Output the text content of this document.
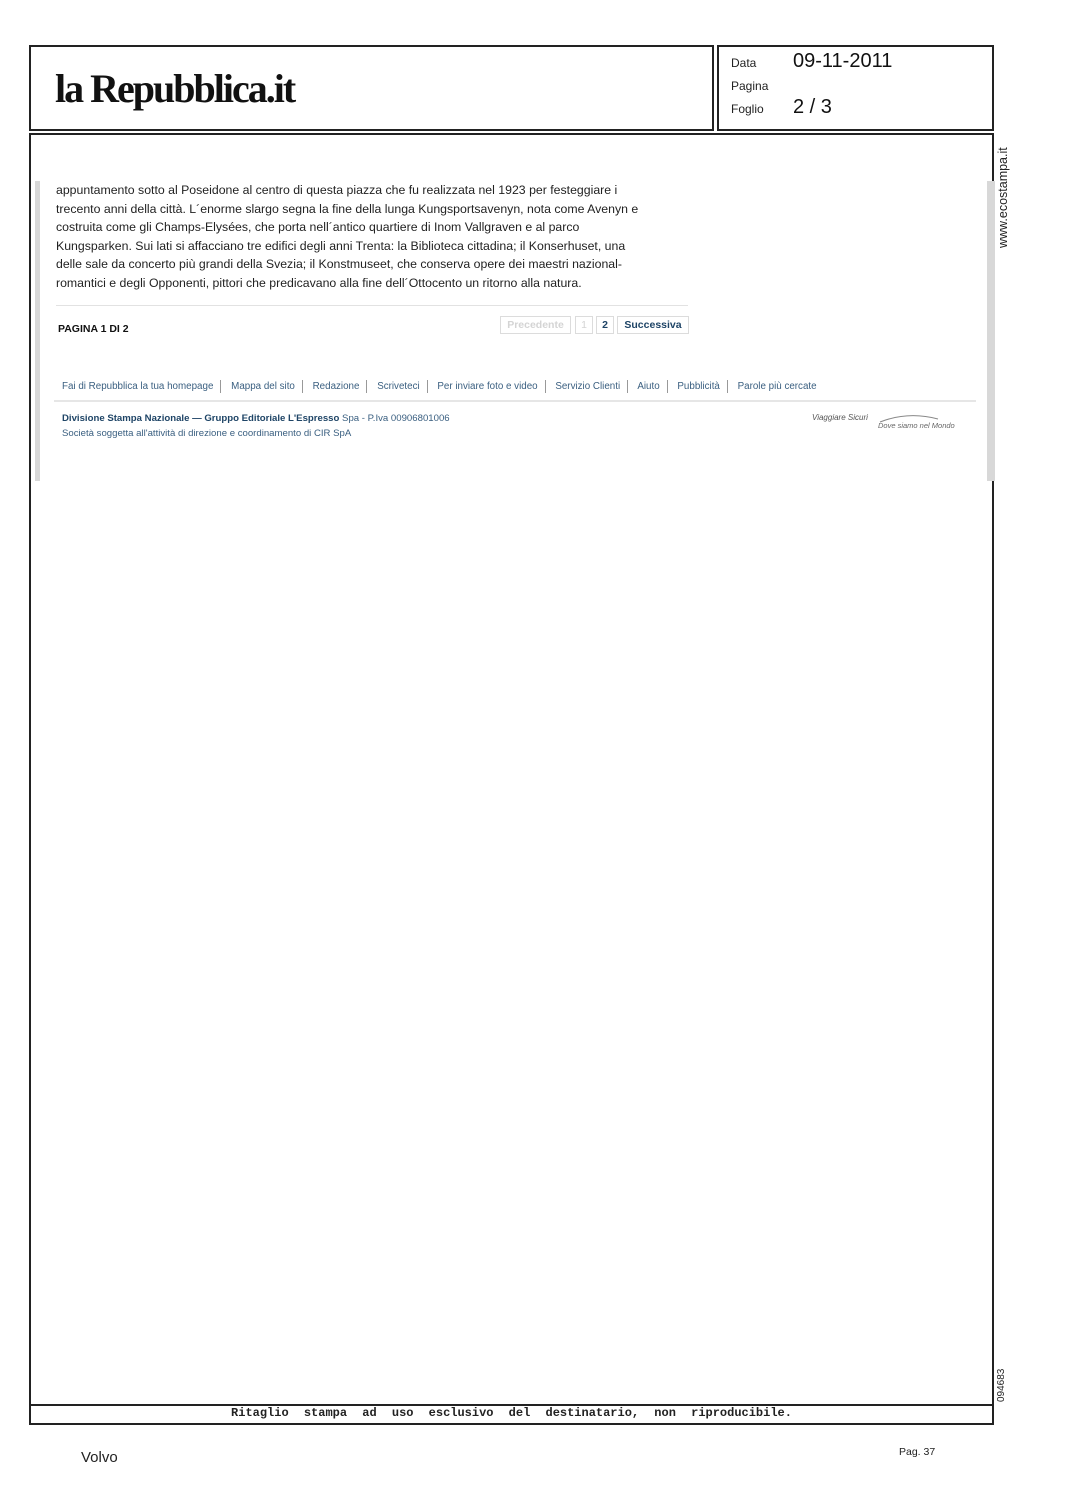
la Repubblica.it
Data 09-11-2011
Pagina
Foglio 2 / 3
appuntamento sotto al Poseidone al centro di questa piazza che fu realizzata nel 1923 per festeggiare i
trecento anni della città. L´enorme slargo segna la fine della lunga Kungsportsavenyn, nota come Avenyn e
costruita come gli Champs-Elysées, che porta nell´antico quartiere di Inom Vallgraven e al parco
Kungsparken. Sui lati si affacciano tre edifici degli anni Trenta: la Biblioteca cittadina; il Konserhuset, una
delle sale da concerto più grandi della Svezia; il Konstmuseet, che conserva opere dei maestri nazional-
romantici e degli Opponenti, pittori che predicavano alla fine dell´Ottocento un ritorno alla natura.
PAGINA 1 DI 2	Precedente	1	2	Successiva
Fai di Repubblica la tua homepage Mappa del sito Redazione Scriveteci Per inviare foto e video Servizio Clienti Aiuto Pubblicità Parole più cercate
Divisione Stampa Nazionale — Gruppo Editoriale L'Espresso Spa - P.Iva 00906801006
Società soggetta all'attività di direzione e coordinamento di CIR SpA
Viaggiare Sicuri
Dove siamo nel Mondo
www.ecostampa.it
094683
Ritaglio stampa ad uso esclusivo del destinatario, non riproducibile.
Volvo	Pag. 37
